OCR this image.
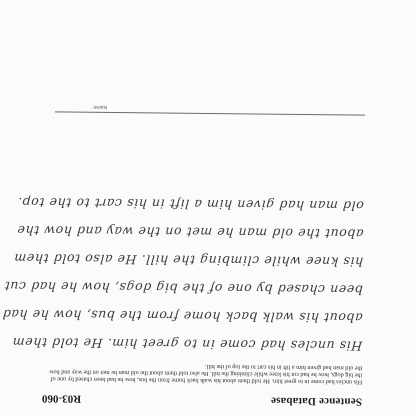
Sentence Database
R03-060

His uncles had come in to greet him. He told them about his walk back home from the bus, how he had been chased by one of the big dogs, how he had cut his knee while climbing the hill. He also told them about the old man he met on the way and how the old man had given him a lift in his cart to the top of the hill.

His uncles had come in to greet him. He told them
about his walk back home from the bus, how he had
been chased by one of the big dogs, how he had cut
his knee while climbing the hill. He also told them
about the old man he met on the way and how the
old man had given him a lift in his cart to the top.
Name:
